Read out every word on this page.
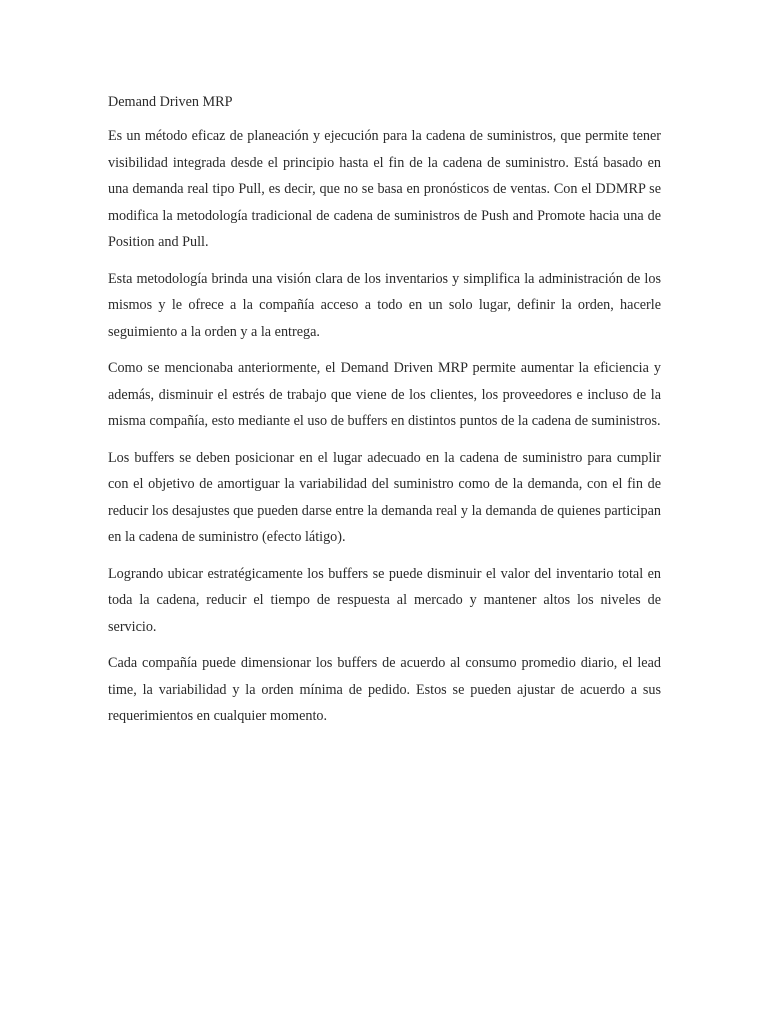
Demand Driven MRP

Es un método eficaz de planeación y ejecución para la cadena de suministros, que permite tener visibilidad integrada desde el principio hasta el fin de la cadena de suministro. Está basado en una demanda real tipo Pull, es decir, que no se basa en pronósticos de ventas. Con el DDMRP se modifica la metodología tradicional de cadena de suministros de Push and Promote hacia una de Position and Pull.

Esta metodología brinda una visión clara de los inventarios y simplifica la administración de los mismos y le ofrece a la compañía acceso a todo en un solo lugar, definir la orden, hacerle seguimiento a la orden y a la entrega.

Como se mencionaba anteriormente, el Demand Driven MRP permite aumentar la eficiencia y además, disminuir el estrés de trabajo que viene de los clientes, los proveedores e incluso de la misma compañía, esto mediante el uso de buffers en distintos puntos de la cadena de suministros.

Los buffers se deben posicionar en el lugar adecuado en la cadena de suministro para cumplir con el objetivo de amortiguar la variabilidad del suministro como de la demanda, con el fin de reducir los desajustes que pueden darse entre la demanda real y la demanda de quienes participan en la cadena de suministro (efecto látigo).

Logrando ubicar estratégicamente los buffers se puede disminuir el valor del inventario total en toda la cadena, reducir el tiempo de respuesta al mercado y mantener altos los niveles de servicio.

Cada compañía puede dimensionar los buffers de acuerdo al consumo promedio diario, el lead time, la variabilidad y la orden mínima de pedido. Estos se pueden ajustar de acuerdo a sus requerimientos en cualquier momento.
